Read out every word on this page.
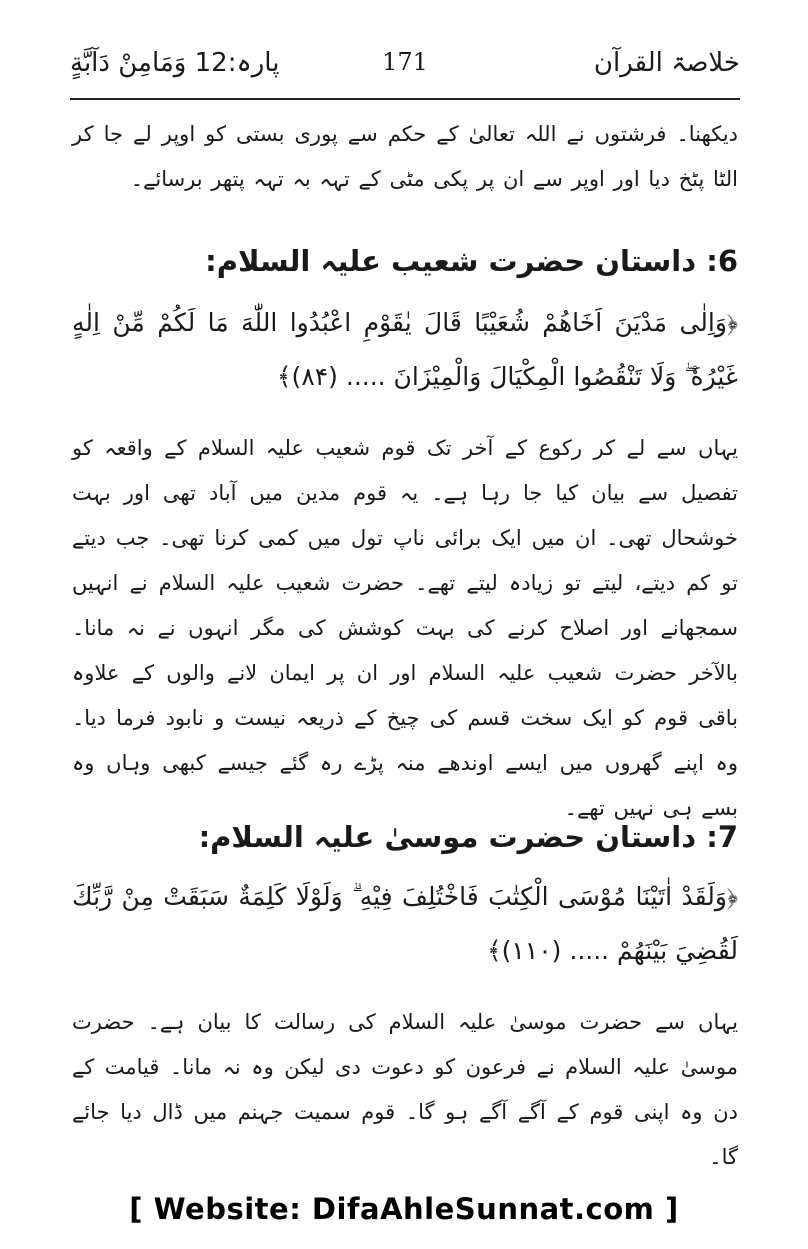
خلاصۃ القرآن
171
پارہ:12 وَمَامِنْ دَآبَّةٍ

دیکھنا۔ فرشتوں نے اللہ تعالیٰ کے حکم سے پوری بستی کو اوپر لے جا کر الٹا پٹخ دیا اور اوپر سے ان پر پکی مٹی کے تہہ بہ تہہ پتھر برسائے۔

6: داستان حضرت شعیب علیہ السلام:
﴿وَاِلٰى مَدْيَنَ اَخَاهُمْ شُعَيْبًا قَالَ يٰقَوْمِ اعْبُدُوا اللّٰهَ مَا لَكُمْ مِّنْ اِلٰهٍ غَيْرُهٗ ۖ وَلَا تَنْقُصُوا الْمِكْيَالَ وَالْمِيْزَانَ ..... (۸۴)﴾

یہاں سے لے کر رکوع کے آخر تک قوم شعیب علیہ السلام کے واقعہ کو تفصیل سے بیان کیا جا رہا ہے۔ یہ قوم مدین میں آباد تھی اور بہت خوشحال تھی۔ ان میں ایک برائی ناپ تول میں کمی کرنا تھی۔ جب دیتے تو کم دیتے، لیتے تو زیادہ لیتے تھے۔ حضرت شعیب علیہ السلام نے انہیں سمجھانے اور اصلاح کرنے کی بہت کوشش کی مگر انہوں نے نہ مانا۔ بالآخر حضرت شعیب علیہ السلام اور ان پر ایمان لانے والوں کے علاوہ باقی قوم کو ایک سخت قسم کی چیخ کے ذریعہ نیست و نابود فرما دیا۔ وہ اپنے گھروں میں ایسے اوندھے منہ پڑے رہ گئے جیسے کبھی وہاں وہ بسے ہی نہیں تھے۔

7: داستان حضرت موسیٰ علیہ السلام:
﴿وَلَقَدْ اٰتَيْنَا مُوْسَى الْكِتٰبَ فَاخْتُلِفَ فِيْهِ ۗ وَلَوْلَا كَلِمَةٌ سَبَقَتْ مِنْ رَّبِّكَ لَقُضِيَ بَيْنَهُمْ ..... (۱۱۰)﴾

یہاں سے حضرت موسیٰ علیہ السلام کی رسالت کا بیان ہے۔ حضرت موسیٰ علیہ السلام نے فرعون کو دعوت دی لیکن وہ نہ مانا۔ قیامت کے دن وہ اپنی قوم کے آگے آگے ہو گا۔ قوم سمیت جہنم میں ڈال دیا جائے گا۔

[ Website: DifaAhleSunnat.com ]
